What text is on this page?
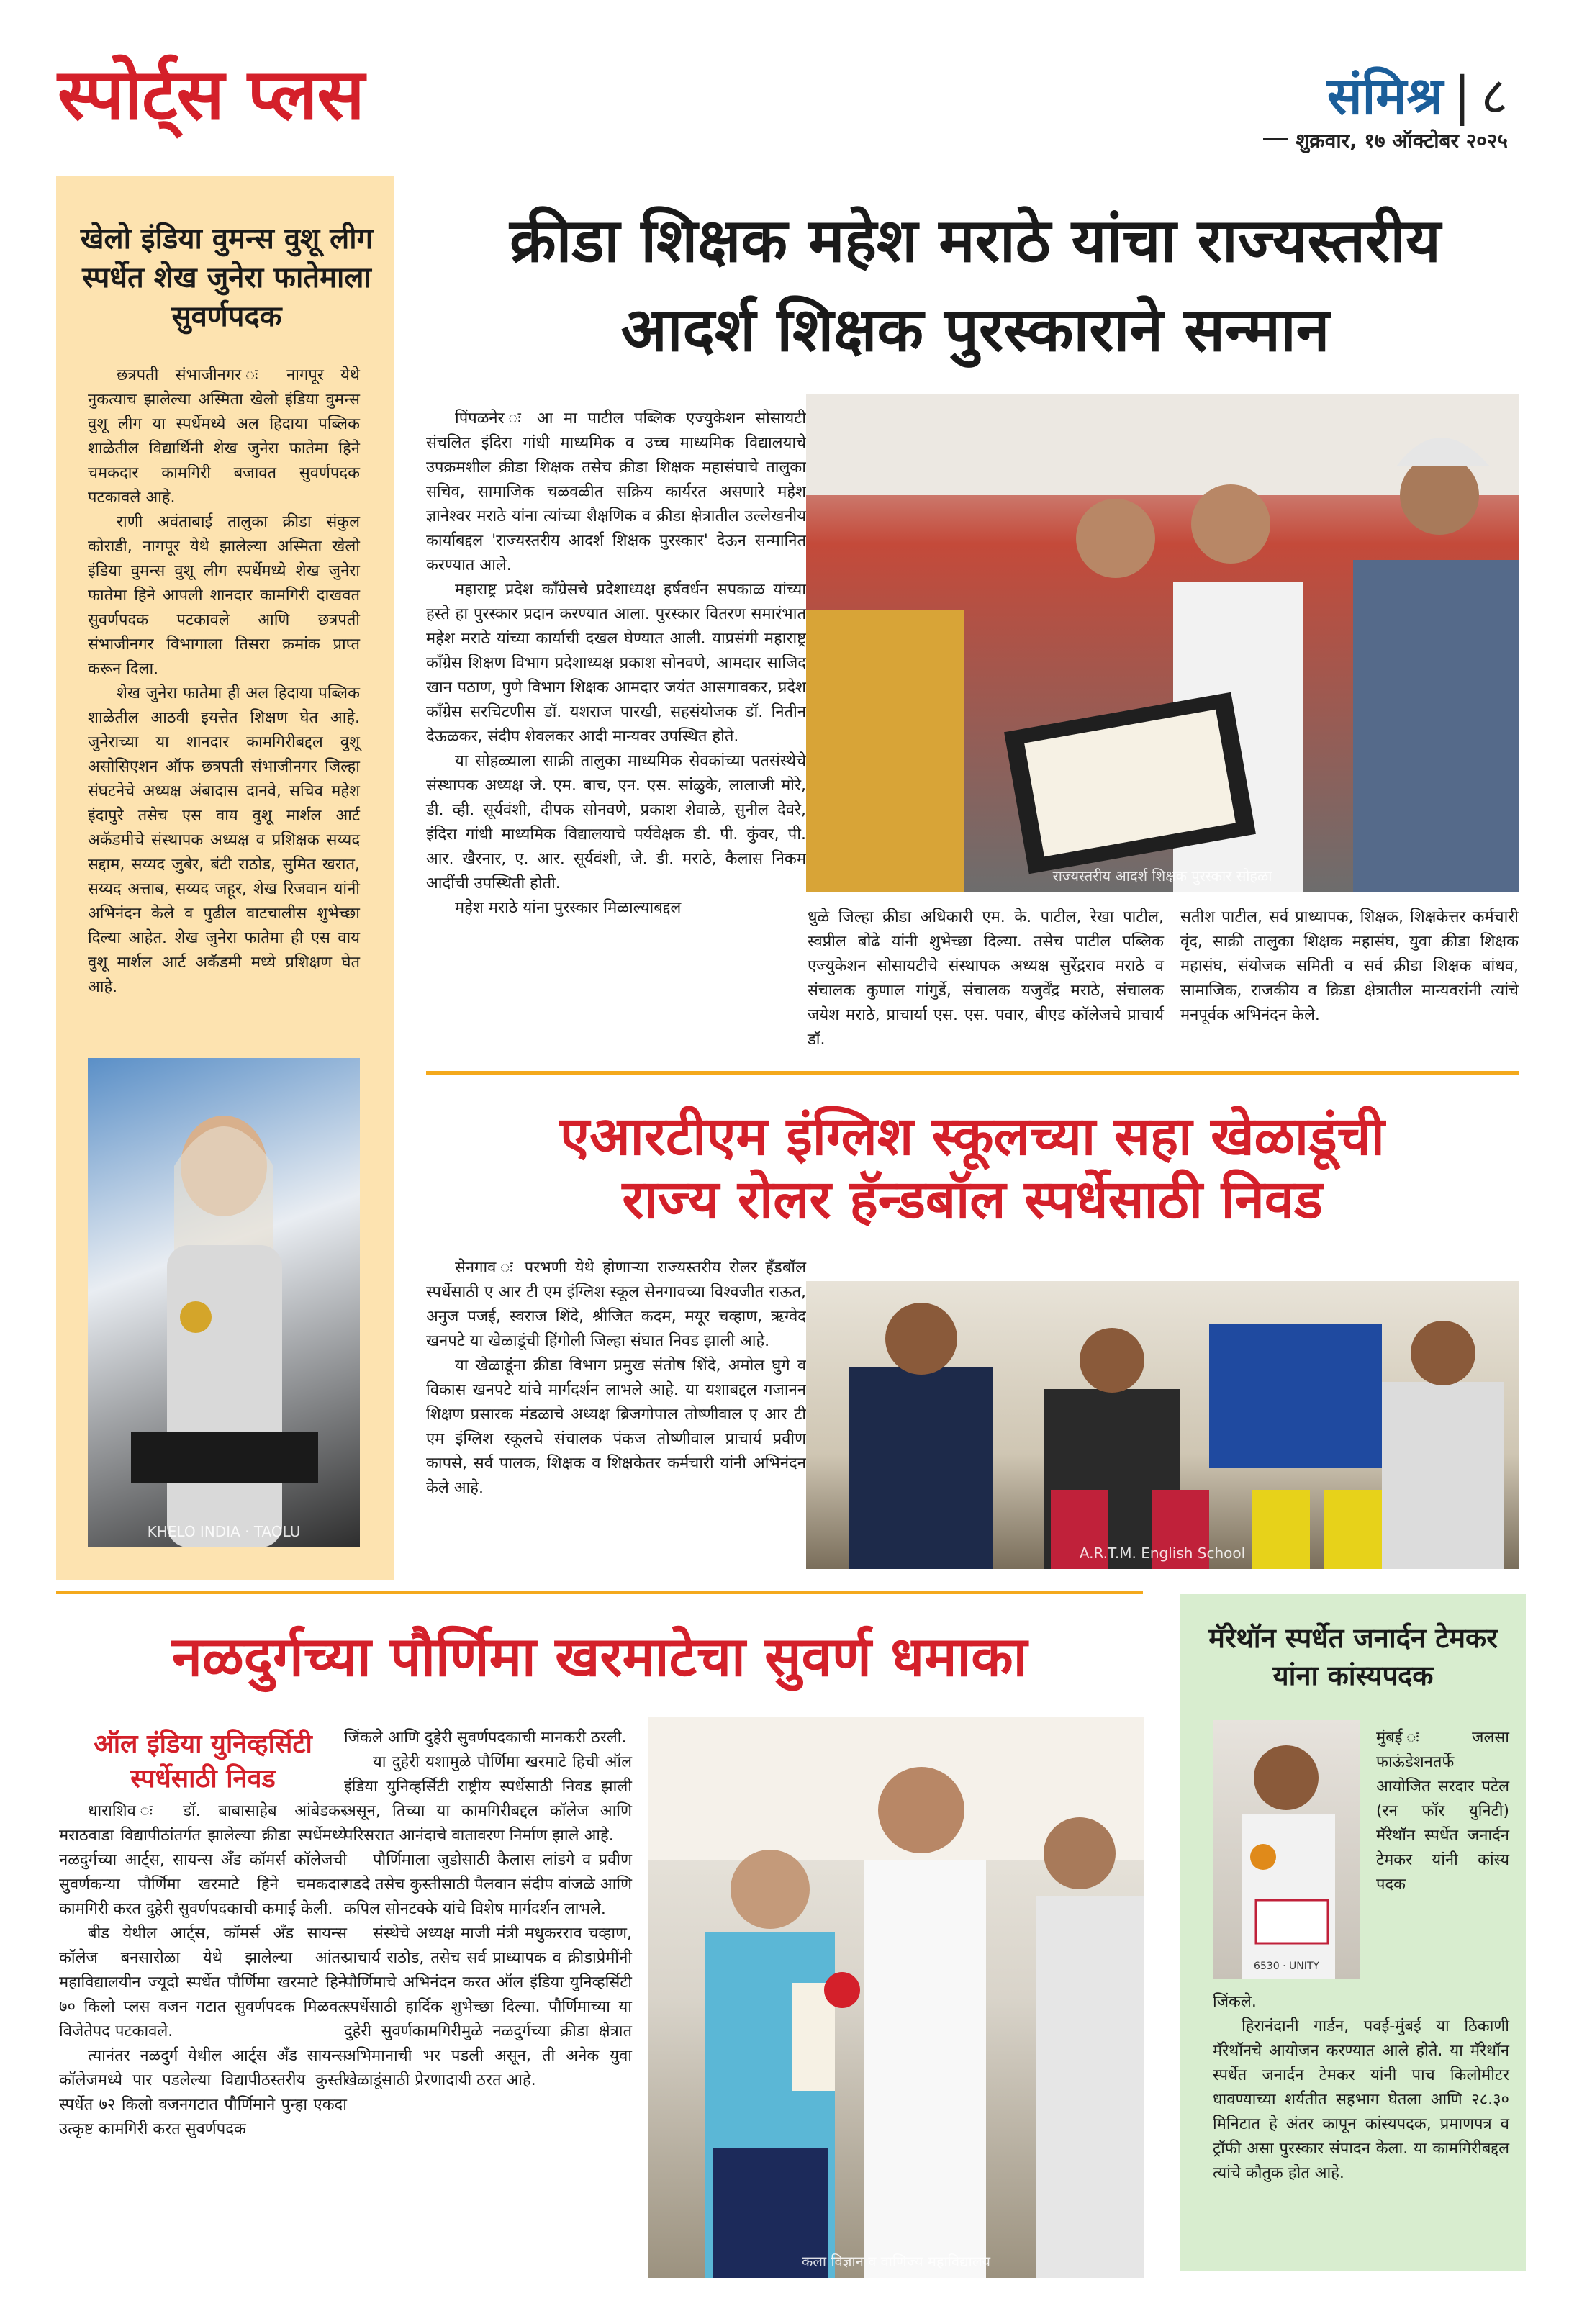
स्पोर्ट्स प्लस	संमिश्र | ८
शुक्रवार, १७ ऑक्टोबर २०२५
खेलो इंडिया वुमन्स वुशू लीग स्पर्धेत शेख जुनेरा फातेमाला सुवर्णपदक

छत्रपती संभाजीनगर ः नागपूर येथे नुकत्याच झालेल्या अस्मिता खेलो इंडिया वुमन्स वुशू लीग या स्पर्धेमध्ये अल हिदाया पब्लिक शाळेतील विद्यार्थिनी शेख जुनेरा फातेमा हिने चमकदार कामगिरी बजावत सुवर्णपदक पटकावले आहे.

राणी अवंताबाई तालुका क्रीडा संकुल कोराडी, नागपूर येथे झालेल्या अस्मिता खेलो इंडिया वुमन्स वुशू लीग स्पर्धेमध्ये शेख जुनेरा फातेमा हिने आपली शानदार कामगिरी दाखवत सुवर्णपदक पटकावले आणि छत्रपती संभाजीनगर विभागाला तिसरा क्रमांक प्राप्त करून दिला.

शेख जुनेरा फातेमा ही अल हिदाया पब्लिक शाळेतील आठवी इयत्तेत शिक्षण घेत आहे. जुनेराच्या या शानदार कामगिरीबद्दल वुशू असोसिएशन ऑफ छत्रपती संभाजीनगर जिल्हा संघटनेचे अध्यक्ष अंबादास दानवे, सचिव महेश इंदापुरे तसेच एस वाय वुशू मार्शल आर्ट अकॅडमीचे संस्थापक अध्यक्ष व प्रशिक्षक सय्यद सद्दाम, सय्यद जुबेर, बंटी राठोड, सुमित खरात, सय्यद अत्ताब, सय्यद जहूर, शेख रिजवान यांनी अभिनंदन केले व पुढील वाटचालीस शुभेच्छा दिल्या आहेत. शेख जुनेरा फातेमा ही एस वाय वुशू मार्शल आर्ट अकॅडमी मध्ये प्रशिक्षण घेत आहे.

KHELO INDIA · TAOLU
क्रीडा शिक्षक महेश मराठे यांचा राज्यस्तरीय
आदर्श शिक्षक पुरस्काराने सन्मान

पिंपळनेर ः आ मा पाटील पब्लिक एज्युकेशन सोसायटी संचलित इंदिरा गांधी माध्यमिक व उच्च माध्यमिक विद्यालयाचे उपक्रमशील क्रीडा शिक्षक तसेच क्रीडा शिक्षक महासंघाचे तालुका सचिव, सामाजिक चळवळीत सक्रिय कार्यरत असणारे महेश ज्ञानेश्वर मराठे यांना त्यांच्या शैक्षणिक व क्रीडा क्षेत्रातील उल्लेखनीय कार्याबद्दल 'राज्यस्तरीय आदर्श शिक्षक पुरस्कार' देऊन सन्मानित करण्यात आले.

महाराष्ट्र प्रदेश काँग्रेसचे प्रदेशाध्यक्ष हर्षवर्धन सपकाळ यांच्या हस्ते हा पुरस्कार प्रदान करण्यात आला. पुरस्कार वितरण समारंभात महेश मराठे यांच्या कार्याची दखल घेण्यात आली. याप्रसंगी महाराष्ट्र काँग्रेस शिक्षण विभाग प्रदेशाध्यक्ष प्रकाश सोनवणे, आमदार साजिद खान पठाण, पुणे विभाग शिक्षक आमदार जयंत आसगावकर, प्रदेश काँग्रेस सरचिटणीस डॉ. यशराज पारखी, सहसंयोजक डॉ. नितीन देऊळकर, संदीप शेवलकर आदी मान्यवर उपस्थित होते.

या सोहळ्याला साक्री तालुका माध्यमिक सेवकांच्या पतसंस्थेचे संस्थापक अध्यक्ष जे. एम. बाच, एन. एस. सांळुके, लालाजी मोरे, डी. व्ही. सूर्यवंशी, दीपक सोनवणे, प्रकाश शेवाळे, सुनील देवरे, इंदिरा गांधी माध्यमिक विद्यालयाचे पर्यवेक्षक डी. पी. कुंवर, पी. आर. खैरनार, ए. आर. सूर्यवंशी, जे. डी. मराठे, कैलास निकम आदींची उपस्थिती होती.

महेश मराठे यांना पुरस्कार मिळाल्याबद्दल

राज्यस्तरीय आदर्श शिक्षक पुरस्कार सोहळा

धुळे जिल्हा क्रीडा अधिकारी एम. के. पाटील, रेखा पाटील, स्वप्नील बोढे यांनी शुभेच्छा दिल्या. तसेच पाटील पब्लिक एज्युकेशन सोसायटीचे संस्थापक अध्यक्ष सुरेंद्रराव मराठे व संचालक कुणाल गांगुर्डे, संचालक यजुर्वेंद्र मराठे, संचालक जयेश मराठे, प्राचार्या एस. एस. पवार, बीएड कॉलेजचे प्राचार्य डॉ.

सतीश पाटील, सर्व प्राध्यापक, शिक्षक, शिक्षकेत्तर कर्मचारी वृंद, साक्री तालुका शिक्षक महासंघ, युवा क्रीडा शिक्षक महासंघ, संयोजक समिती व सर्व क्रीडा शिक्षक बांधव, सामाजिक, राजकीय व क्रिडा क्षेत्रातील मान्यवरांनी त्यांचे मनपूर्वक अभिनंदन केले.

एआरटीएम इंग्लिश स्कूलच्या सहा खेळाडूंची
राज्य रोलर हॅन्डबॉल स्पर्धेसाठी निवड

सेनगाव ः परभणी येथे होणाऱ्या राज्यस्तरीय रोलर हँडबॉल स्पर्धेसाठी ए आर टी एम इंग्लिश स्कूल सेनगावच्या विश्वजीत राऊत, अनुज पजई, स्वराज शिंदे, श्रीजित कदम, मयूर चव्हाण, ऋग्वेद खनपटे या खेळाडूंची हिंगोली जिल्हा संघात निवड झाली आहे.

या खेळाडूंना क्रीडा विभाग प्रमुख संतोष शिंदे, अमोल घुगे व विकास खनपटे यांचे मार्गदर्शन लाभले आहे. या यशाबद्दल गजानन शिक्षण प्रसारक मंडळाचे अध्यक्ष ब्रिजगोपाल तोष्णीवाल ए आर टी एम इंग्लिश स्कूलचे संचालक पंकज तोष्णीवाल प्राचार्य प्रवीण कापसे, सर्व पालक, शिक्षक व शिक्षकेतर कर्मचारी यांनी अभिनंदन केले आहे.

A.R.T.M. English School
नळदुर्गच्या पौर्णिमा खरमाटेचा सुवर्ण धमाका
ऑल इंडिया युनिव्हर्सिटी
स्पर्धेसाठी निवड

धाराशिव ः डॉ. बाबासाहेब आंबेडकर मराठवाडा विद्यापीठांतर्गत झालेल्या क्रीडा स्पर्धेमध्ये नळदुर्गच्या आर्ट्स, सायन्स अँड कॉमर्स कॉलेजची सुवर्णकन्या पौर्णिमा खरमाटे हिने चमकदार कामगिरी करत दुहेरी सुवर्णपदकाची कमाई केली.

बीड येथील आर्ट्स, कॉमर्स अँड सायन्स कॉलेज बनसारोळा येथे झालेल्या आंतर महाविद्यालयीन ज्यूदो स्पर्धेत पौर्णिमा खरमाटे हिने ७० किलो प्लस वजन गटात सुवर्णपदक मिळवत विजेतेपद पटकावले.

त्यानंतर नळदुर्ग येथील आर्ट्स अँड सायन्स कॉलेजमध्ये पार पडलेल्या विद्यापीठस्तरीय कुस्ती स्पर्धेत ७२ किलो वजनगटात पौर्णिमाने पुन्हा एकदा उत्कृष्ट कामगिरी करत सुवर्णपदक

जिंकले आणि दुहेरी सुवर्णपदकाची मानकरी ठरली.

या दुहेरी यशामुळे पौर्णिमा खरमाटे हिची ऑल इंडिया युनिव्हर्सिटी राष्ट्रीय स्पर्धेसाठी निवड झाली असून, तिच्या या कामगिरीबद्दल कॉलेज आणि परिसरात आनंदाचे वातावरण निर्माण झाले आहे.

पौर्णिमाला जुडोसाठी कैलास लांडगे व प्रवीण गडदे तसेच कुस्तीसाठी पैलवान संदीप वांजळे आणि कपिल सोनटक्के यांचे विशेष मार्गदर्शन लाभले.

संस्थेचे अध्यक्ष माजी मंत्री मधुकरराव चव्हाण, प्राचार्य राठोड, तसेच सर्व प्राध्यापक व क्रीडाप्रेमींनी पौर्णिमाचे अभिनंदन करत ऑल इंडिया युनिव्हर्सिटी स्पर्धेसाठी हार्दिक शुभेच्छा दिल्या. पौर्णिमाच्या या दुहेरी सुवर्णकामगिरीमुळे नळदुर्गच्या क्रीडा क्षेत्रात अभिमानाची भर पडली असून, ती अनेक युवा खेळाडूंसाठी प्रेरणादायी ठरत आहे.

कला विज्ञान व वाणिज्य महाविद्यालय
मॅरेथॉन स्पर्धेत जनार्दन टेमकर यांना कांस्यपदक
6530 · UNITY

मुंबई ः जलसा फाऊंडेशनतर्फे आयोजित सरदार पटेल (रन फॉर युनिटी) मॅरेथॉन स्पर्धेत जनार्दन टेमकर यांनी कांस्य पदक

जिंकले.

हिरानंदानी गार्डन, पवई-मुंबई या ठिकाणी मॅरेथॉनचे आयोजन करण्यात आले होते. या मॅरेथॉन स्पर्धेत जनार्दन टेमकर यांनी पाच किलोमीटर धावण्याच्या शर्यतीत सहभाग घेतला आणि २८.३० मिनिटात हे अंतर कापून कांस्यपदक, प्रमाणपत्र व ट्रॉफी असा पुरस्कार संपादन केला. या कामगिरीबद्दल त्यांचे कौतुक होत आहे.
